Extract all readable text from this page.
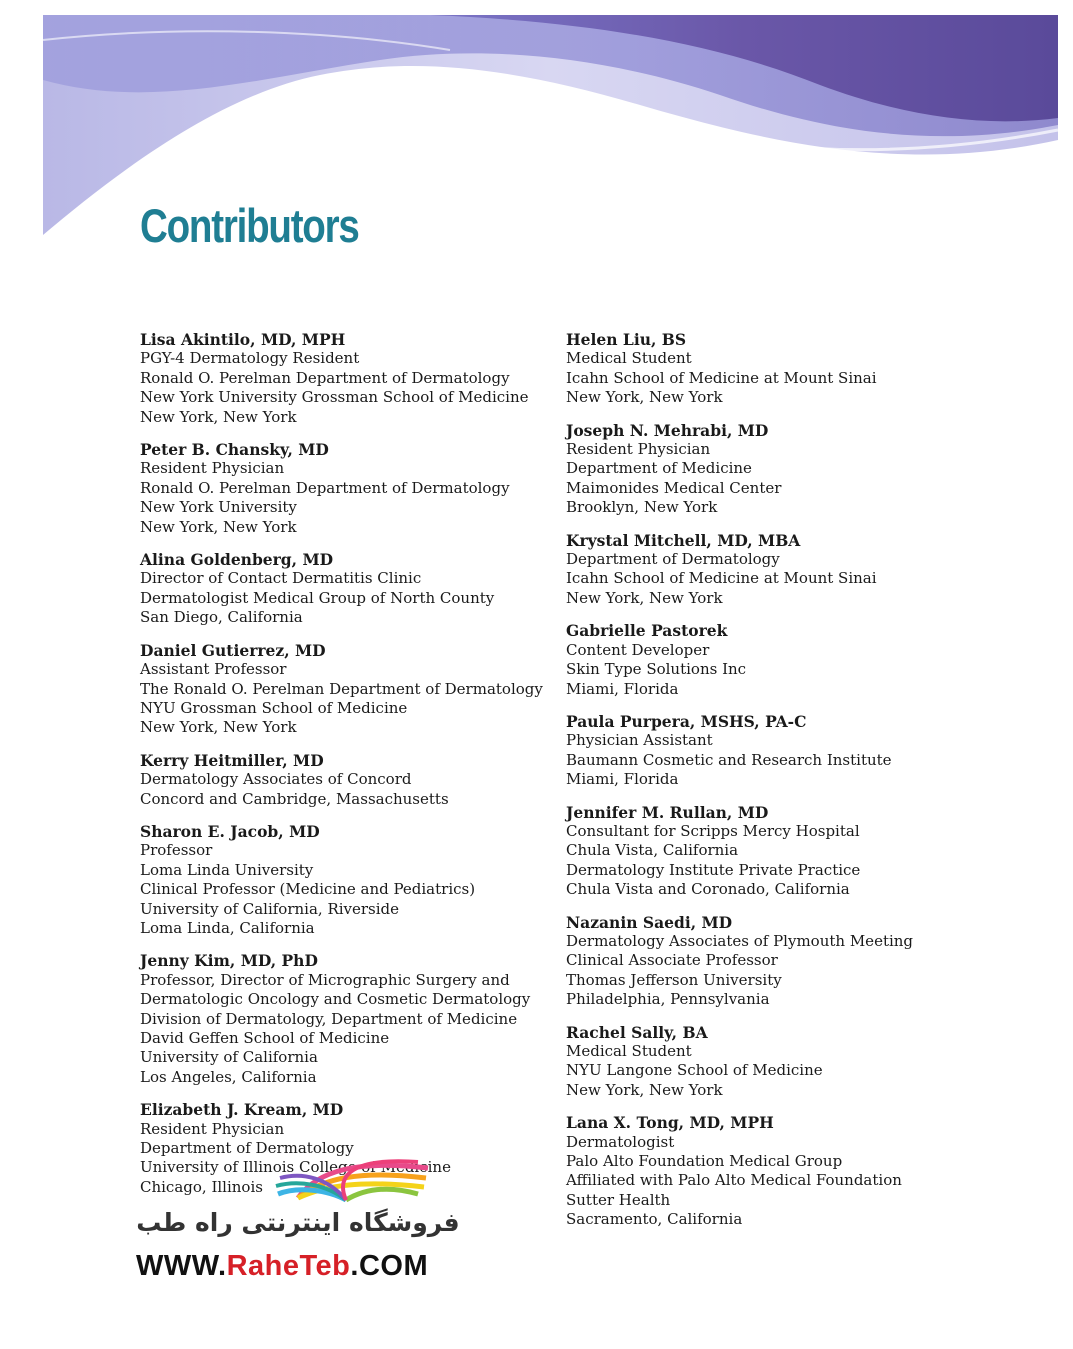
Contributors

Lisa Akintilo, MD, MPH

PGY-4 Dermatology Resident

Ronald O. Perelman Department of Dermatology

New York University Grossman School of Medicine

New York, New York

Peter B. Chansky, MD

Resident Physician

Ronald O. Perelman Department of Dermatology

New York University

New York, New York

Alina Goldenberg, MD

Director of Contact Dermatitis Clinic

Dermatologist Medical Group of North County

San Diego, California

Daniel Gutierrez, MD

Assistant Professor

The Ronald O. Perelman Department of Dermatology

NYU Grossman School of Medicine

New York, New York

Kerry Heitmiller, MD

Dermatology Associates of Concord

Concord and Cambridge, Massachusetts

Sharon E. Jacob, MD

Professor

Loma Linda University

Clinical Professor (Medicine and Pediatrics)

University of California, Riverside

Loma Linda, California

Jenny Kim, MD, PhD

Professor, Director of Micrographic Surgery and

Dermatologic Oncology and Cosmetic Dermatology

Division of Dermatology, Department of Medicine

David Geffen School of Medicine

University of California

Los Angeles, California

Elizabeth J. Kream, MD

Resident Physician

Department of Dermatology

University of Illinois College of Medicine

Chicago, Illinois

Helen Liu, BS

Medical Student

Icahn School of Medicine at Mount Sinai

New York, New York

Joseph N. Mehrabi, MD

Resident Physician

Department of Medicine

Maimonides Medical Center

Brooklyn, New York

Krystal Mitchell, MD, MBA

Department of Dermatology

Icahn School of Medicine at Mount Sinai

New York, New York

Gabrielle Pastorek

Content Developer

Skin Type Solutions Inc

Miami, Florida

Paula Purpera, MSHS, PA-C

Physician Assistant

Baumann Cosmetic and Research Institute

Miami, Florida

Jennifer M. Rullan, MD

Consultant for Scripps Mercy Hospital

Chula Vista, California

Dermatology Institute Private Practice

Chula Vista and Coronado, California

Nazanin Saedi, MD

Dermatology Associates of Plymouth Meeting

Clinical Associate Professor

Thomas Jefferson University

Philadelphia, Pennsylvania

Rachel Sally, BA

Medical Student

NYU Langone School of Medicine

New York, New York

Lana X. Tong, MD, MPH

Dermatologist

Palo Alto Foundation Medical Group

Affiliated with Palo Alto Medical Foundation

Sutter Health

Sacramento, California

فروشگاه اینترنتی راه طب
WWW.RaheTeb.COM
